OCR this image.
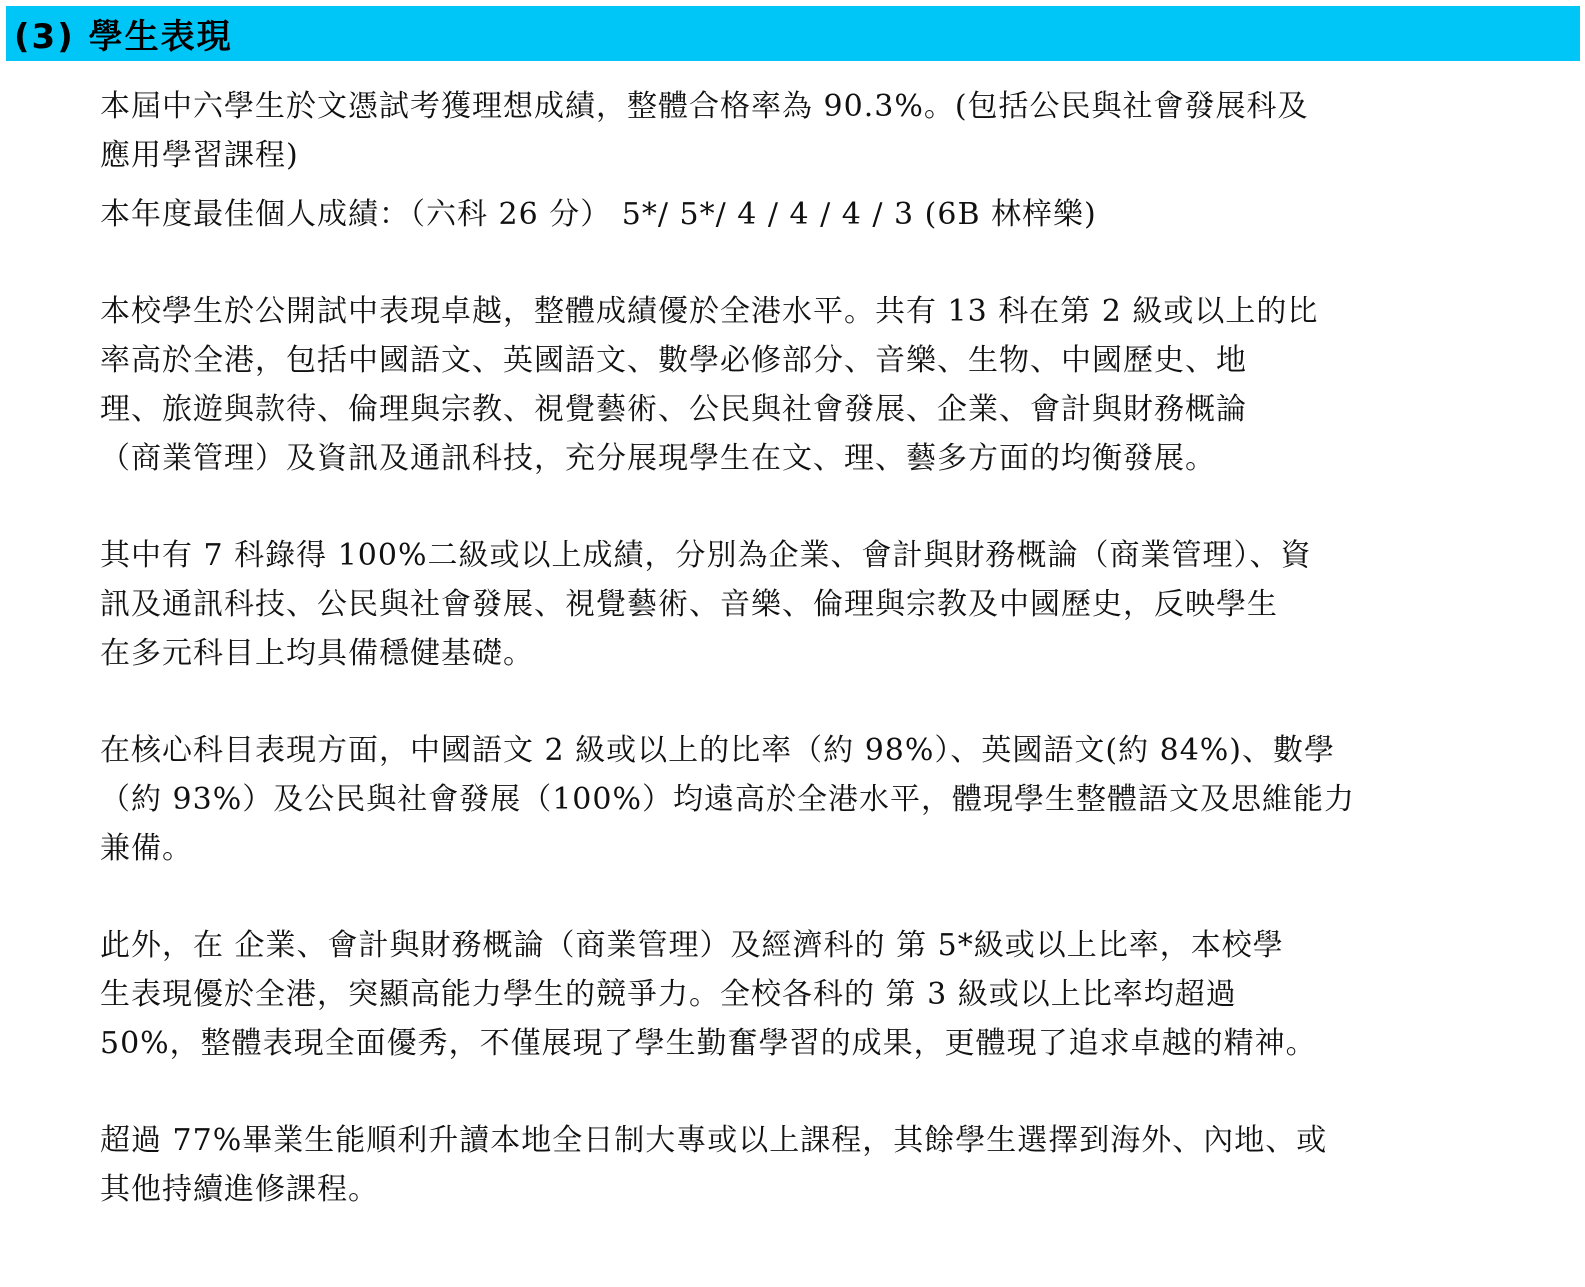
(3) 學生表現

本屆中六學生於文憑試考獲理想成績，整體合格率為 90.3%。(包括公民與社會發展科及
應用學習課程)

本年度最佳個人成績：（六科 26 分） 5*/ 5*/ 4 / 4 / 4 / 3 (6B 林梓樂)

本校學生於公開試中表現卓越，整體成績優於全港水平。共有 13 科在第 2 級或以上的比
率高於全港，包括中國語文、英國語文、數學必修部分、音樂、生物、中國歷史、地
理、旅遊與款待、倫理與宗教、視覺藝術、公民與社會發展、企業、會計與財務概論
（商業管理）及資訊及通訊科技，充分展現學生在文、理、藝多方面的均衡發展。

其中有 7 科錄得 100%二級或以上成績，分別為企業、會計與財務概論（商業管理）、資
訊及通訊科技、公民與社會發展、視覺藝術、音樂、倫理與宗教及中國歷史，反映學生
在多元科目上均具備穩健基礎。

在核心科目表現方面，中國語文 2 級或以上的比率（約 98%）、英國語文(約 84%)、數學
（約 93%）及公民與社會發展（100%）均遠高於全港水平，體現學生整體語文及思維能力
兼備。

此外，在 企業、會計與財務概論（商業管理）及經濟科的 第 5*級或以上比率，本校學
生表現優於全港，突顯高能力學生的競爭力。全校各科的 第 3 級或以上比率均超過
50%，整體表現全面優秀，不僅展現了學生勤奮學習的成果，更體現了追求卓越的精神。

超過 77%畢業生能順利升讀本地全日制大專或以上課程，其餘學生選擇到海外、內地、或
其他持續進修課程。
